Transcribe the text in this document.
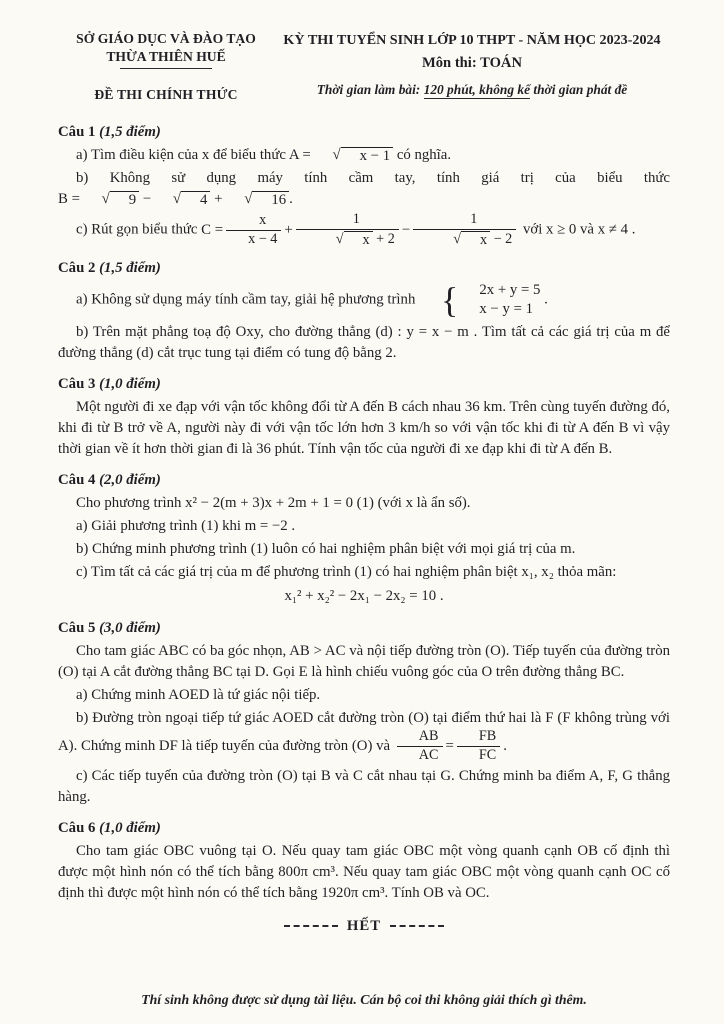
SỞ GIÁO DỤC VÀ ĐÀO TẠO
THỪA THIÊN HUẾ
ĐỀ THI CHÍNH THỨC
KỲ THI TUYỂN SINH LỚP 10 THPT - NĂM HỌC 2023-2024
Môn thi: TOÁN
Thời gian làm bài: 120 phút, không kể thời gian phát đề

Câu 1 (1,5 điểm)

a) Tìm điều kiện của x để biểu thức A =	√	x − 1 có nghĩa.

b) Không sử dụng máy tính cầm tay, tính giá trị của biểu thức B =	√	9 −	√	4 +	√	16 .

c) Rút gọn biểu thức $C = \frac{x}{x - 4} + 1$
√	x + 2 − 1
√	x − 2 với x ≥ 0 và x ≠ 4 .

Câu 2 (1,5 điểm)

a) Không sử dụng máy tính cầm tay, giải hệ phương trình {	2x + y = 5
x − y = 1
.

b) Trên mặt phẳng toạ độ Oxy, cho đường thẳng (d) : y = x − m . Tìm tất cả các giá trị của m để đường thẳng (d) cắt trục tung tại điểm có tung độ bằng 2.

Câu 3 (1,0 điểm)

Một người đi xe đạp với vận tốc không đổi từ A đến B cách nhau 36 km. Trên cùng tuyến đường đó, khi đi từ B trở về A, người này đi với vận tốc lớn hơn 3 km/h so với vận tốc khi đi từ A đến B vì vậy thời gian về ít hơn thời gian đi là 36 phút. Tính vận tốc của người đi xe đạp khi đi từ A đến B.

Câu 4 (2,0 điểm)

Cho phương trình x² − 2(m + 3)x + 2m + 1 = 0 (1) (với x là ẩn số).

a) Giải phương trình (1) khi m = −2 .

b) Chứng minh phương trình (1) luôn có hai nghiệm phân biệt với mọi giá trị của m.

c) Tìm tất cả các giá trị của m để phương trình (1) có hai nghiệm phân biệt x₁, x₂ thỏa mãn:

x₁² + x₂² − 2x₁ − 2x₂ = 10 .

Câu 5 (3,0 điểm)

Cho tam giác ABC có ba góc nhọn, AB > AC và nội tiếp đường tròn (O). Tiếp tuyến của đường tròn (O) tại A cắt đường thẳng BC tại D. Gọi E là hình chiếu vuông góc của O trên đường thẳng BC.

a) Chứng minh AOED là tứ giác nội tiếp.

b) Đường tròn ngoại tiếp tứ giác AOED cắt đường tròn (O) tại điểm thứ hai là F (F không trùng với A). Chứng minh DF là tiếp tuyến của đường tròn (O) và $\frac{AB}{AC} = \frac{FB}{FC}$ .

c) Các tiếp tuyến của đường tròn (O) tại B và C cắt nhau tại G. Chứng minh ba điểm A, F, G thẳng hàng.

Câu 6 (1,0 điểm)

Cho tam giác OBC vuông tại O. Nếu quay tam giác OBC một vòng quanh cạnh OB cố định thì được một hình nón có thể tích bằng 800π cm³. Nếu quay tam giác OBC một vòng quanh cạnh OC cố định thì được một hình nón có thể tích bằng 1920π cm³. Tính OB và OC.

HẾT
Thí sinh không được sử dụng tài liệu. Cán bộ coi thi không giải thích gì thêm.
